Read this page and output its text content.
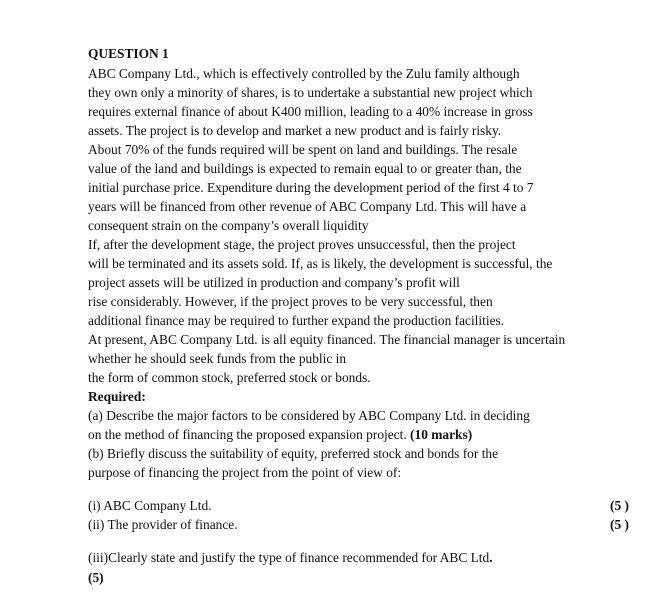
QUESTION 1
ABC Company Ltd., which is effectively controlled by the Zulu family although
they own only a minority of shares, is to undertake a substantial new project which
requires external finance of about K400 million, leading to a 40% increase in gross
assets. The project is to develop and market a new product and is fairly risky.
About 70% of the funds required will be spent on land and buildings. The resale
value of the land and buildings is expected to remain equal to or greater than, the
initial purchase price. Expenditure during the development period of the first 4 to 7
years will be financed from other revenue of ABC Company Ltd. This will have a
consequent strain on the company’s overall liquidity
If, after the development stage, the project proves unsuccessful, then the project
will be terminated and its assets sold. If, as is likely, the development is successful, the
project assets will be utilized in production and company’s profit will
rise considerably. However, if the project proves to be very successful, then
additional finance may be required to further expand the production facilities.
At present, ABC Company Ltd. is all equity financed. The financial manager is uncertain
whether he should seek funds from the public in
the form of common stock, preferred stock or bonds.
Required:
(a) Describe the major factors to be considered by ABC Company Ltd. in deciding
on the method of financing the proposed expansion project. (10 marks)
(b) Briefly discuss the suitability of equity, preferred stock and bonds for the
purpose of financing the project from the point of view of:
(i) ABC Company Ltd.	(5 )
(ii) The provider of finance.	(5 )
(iii)Clearly state and justify the type of finance recommended for ABC Ltd.
(5)
